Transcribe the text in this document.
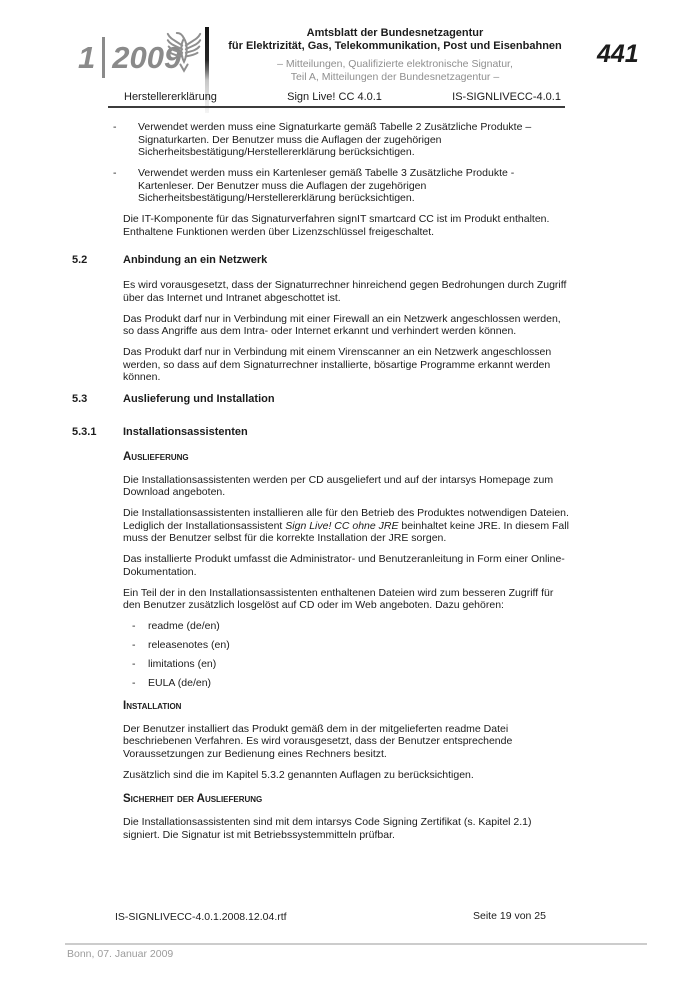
1 2009
Amtsblatt der Bundesnetzagentur
für Elektrizität, Gas, Telekommunikation, Post und Eisenbahnen
– Mitteilungen, Qualifizierte elektronische Signatur,
Teil A, Mitteilungen der Bundesnetzagentur –
441
Herstellererklärung	Sign Live! CC 4.0.1	IS-SIGNLIVECC-4.0.1
- Verwendet werden muss eine Signaturkarte gemäß Tabelle 2 Zusätzliche Produkte – Signaturkarten. Der Benutzer muss die Auflagen der zugehörigen Sicherheitsbestätigung/Herstellererklärung berücksichtigen.
- Verwendet werden muss ein Kartenleser gemäß Tabelle 3 Zusätzliche Produkte - Kartenleser. Der Benutzer muss die Auflagen der zugehörigen Sicherheitsbestätigung/Herstellererklärung berücksichtigen.

Die IT-Komponente für das Signaturverfahren signIT smartcard CC ist im Produkt enthalten. Enthaltene Funktionen werden über Lizenzschlüssel freigeschaltet.

5.2	Anbindung an ein Netzwerk

Es wird vorausgesetzt, dass der Signaturrechner hinreichend gegen Bedrohungen durch Zugriff über das Internet und Intranet abgeschottet ist.

Das Produkt darf nur in Verbindung mit einer Firewall an ein Netzwerk angeschlossen werden, so dass Angriffe aus dem Intra- oder Internet erkannt und verhindert werden können.

Das Produkt darf nur in Verbindung mit einem Virenscanner an ein Netzwerk angeschlossen werden, so dass auf dem Signaturrechner installierte, bösartige Programme erkannt werden können.

5.3	Auslieferung und Installation
5.3.1 Installationsassistenten
Auslieferung

Die Installationsassistenten werden per CD ausgeliefert und auf der intarsys Homepage zum Download angeboten.

Die Installationsassistenten installieren alle für den Betrieb des Produktes notwendigen Dateien. Lediglich der Installationsassistent Sign Live! CC ohne JRE beinhaltet keine JRE. In diesem Fall muss der Benutzer selbst für die korrekte Installation der JRE sorgen.

Das installierte Produkt umfasst die Administrator- und Benutzeranleitung in Form einer Online-Dokumentation.

Ein Teil der in den Installationsassistenten enthaltenen Dateien wird zum besseren Zugriff für den Benutzer zusätzlich losgelöst auf CD oder im Web angeboten. Dazu gehören:

- readme (de/en)
- releasenotes (en)
- limitations (en)
- EULA (de/en)
Installation

Der Benutzer installiert das Produkt gemäß dem in der mitgelieferten readme Datei beschriebenen Verfahren. Es wird vorausgesetzt, dass der Benutzer entsprechende Voraussetzungen zur Bedienung eines Rechners besitzt.

Zusätzlich sind die im Kapitel 5.3.2 genannten Auflagen zu berücksichtigen.

Sicherheit der Auslieferung

Die Installationsassistenten sind mit dem intarsys Code Signing Zertifikat (s. Kapitel 2.1) signiert. Die Signatur ist mit Betriebssystemmitteln prüfbar.

IS-SIGNLIVECC-4.0.1.2008.12.04.rtf	Seite 19 von 25
Bonn, 07. Januar 2009
